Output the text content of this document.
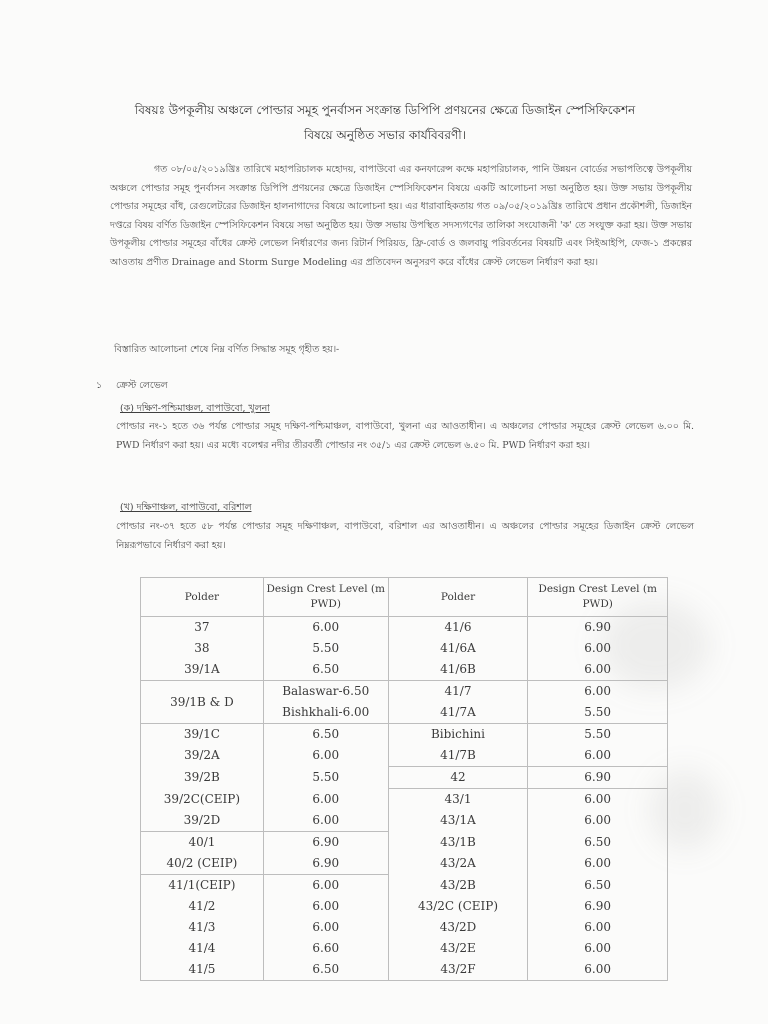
বিষয়ঃ উপকূলীয় অঞ্চলে পোল্ডার সমূহ পুনর্বাসন সংক্রান্ত ডিপিপি প্রণয়নের ক্ষেত্রে ডিজাইন স্পেসিফিকেশন
বিষয়ে অনুষ্ঠিত সভার কার্যবিবরণী।
গত ০৮/০৫/২০১৯খ্রিঃ তারিখে মহাপরিচালক মহোদয়, বাপাউবো এর কনফারেন্স কক্ষে মহাপরিচালক, পানি উন্নয়ন বোর্ডের সভাপতিত্বে উপকূলীয় অঞ্চলে পোল্ডার সমূহ পুনর্বাসন সংক্রান্ত ডিপিপি প্রণয়নের ক্ষেত্রে ডিজাইন স্পেসিফিকেশন বিষয়ে একটি আলোচনা সভা অনুষ্ঠিত হয়। উক্ত সভায় উপকূলীয় পোল্ডার সমূহের বাঁধ, রেগুলেটরের ডিজাইন হালনাগাদের বিষয়ে আলোচনা হয়। এর ধারাবাহিকতায় গত ০৯/০৫/২০১৯খ্রিঃ তারিখে প্রধান প্রকৌশলী, ডিজাইন দপ্তরে বিষয় বর্ণিত ডিজাইন স্পেসিফিকেশন বিষয়ে সভা অনুষ্ঠিত হয়। উক্ত সভায় উপস্থিত সদস্যগণের তালিকা সংযোজনী 'ক' তে সংযুক্ত করা হয়। উক্ত সভায় উপকূলীয় পোল্ডার সমূহের বাঁধের ক্রেস্ট লেভেল নির্ধারণের জন্য রিটার্ন পিরিয়ড, ফ্রি-বোর্ড ও জলবায়ু পরিবর্তনের বিষয়টি এবং সিইআইপি, ফেজ-১ প্রকল্পের আওতায় প্রণীত Drainage and Storm Surge Modeling এর প্রতিবেদন অনুসরণ করে বাঁধের ক্রেস্ট লেভেল নির্ধারণ করা হয়।
বিস্তারিত আলোচনা শেষে নিম্ন বর্ণিত সিদ্ধান্ত সমূহ গৃহীত হয়।-
১ ক্রেস্ট লেভেল
(ক) দক্ষিণ-পশ্চিমাঞ্চল, বাপাউবো, খুলনা
পোল্ডার নং-১ হতে ৩৬ পর্যন্ত পোল্ডার সমূহ দক্ষিণ-পশ্চিমাঞ্চল, বাপাউবো, খুলনা এর আওতাধীন। এ অঞ্চলের পোল্ডার সমূহের ক্রেস্ট লেভেল ৬.০০ মি. PWD নির্ধারণ করা হয়। এর মধ্যে বলেশ্বর নদীর তীরবর্তী পোল্ডার নং ৩৫/১ এর ক্রেস্ট লেভেল ৬.৫০ মি. PWD নির্ধারণ করা হয়।
(খ) দক্ষিণাঞ্চল, বাপাউবো, বরিশাল
পোল্ডার নং-৩৭ হতে ৫৮ পর্যন্ত পোল্ডার সমূহ দক্ষিণাঞ্চল, বাপাউবো, বরিশাল এর আওতাধীন। এ অঞ্চলের পোল্ডার সমূহের ডিজাইন ক্রেস্ট লেভেল নিম্নরূপভাবে নির্ধারণ করা হয়।
Polder	Design Crest Level (m PWD)	Polder	Design Crest Level (m PWD)
37	6.00	41/6	6.90
38	5.50	41/6A	6.00
39/1A	6.50	41/6B	6.00
39/1B & D	Balaswar-6.50	41/7	6.00
	Bishkhali-6.00	41/7A	5.50
39/1C	6.50	Bibichini	5.50
39/2A	6.00	41/7B	6.00
39/2B	5.50	42	6.90
39/2C(CEIP)	6.00	43/1	6.00
39/2D	6.00	43/1A	6.00
40/1	6.90	43/1B	6.50
40/2 (CEIP)	6.90	43/2A	6.00
41/1(CEIP)	6.00	43/2B	6.50
41/2	6.00	43/2C (CEIP)	6.90
41/3	6.00	43/2D	6.00
41/4	6.60	43/2E	6.00
41/5	6.50	43/2F	6.00
